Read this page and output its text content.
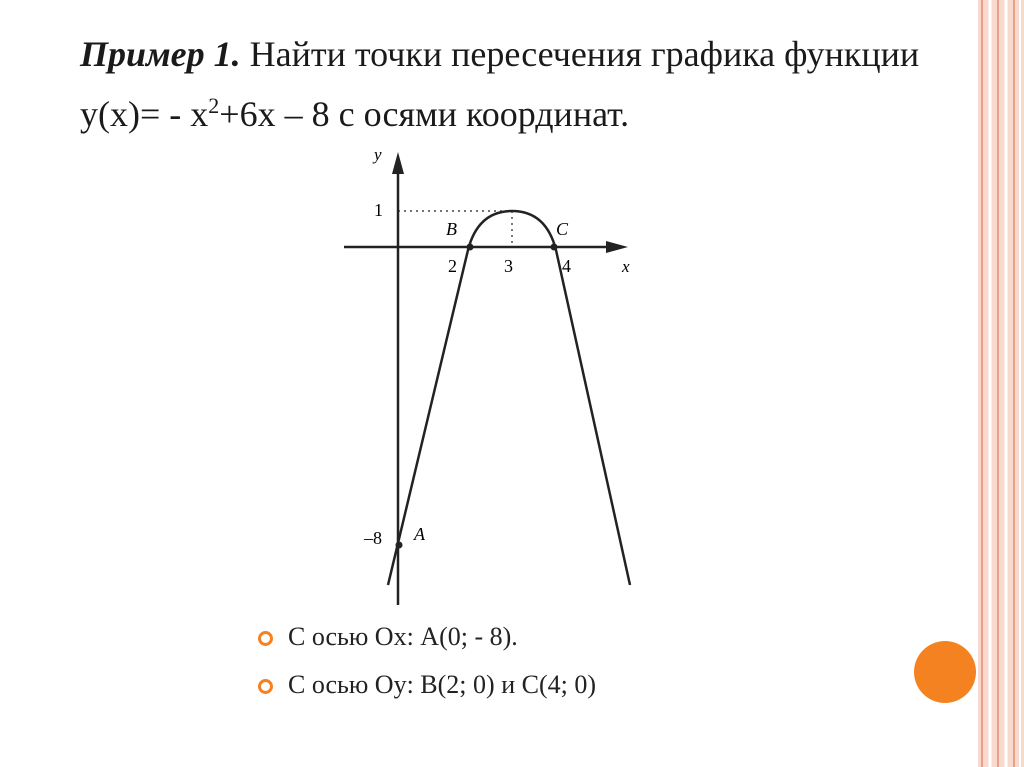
Пример 1. Найти точки пересечения графика функции $y(x)= - x^2+6x - 8$ с осями координат.
y
x
1
–8
2	3	4
B	C
A
С осью Ох: А(0; - 8).
С осью Оy: B(2; 0) и C(4; 0)
